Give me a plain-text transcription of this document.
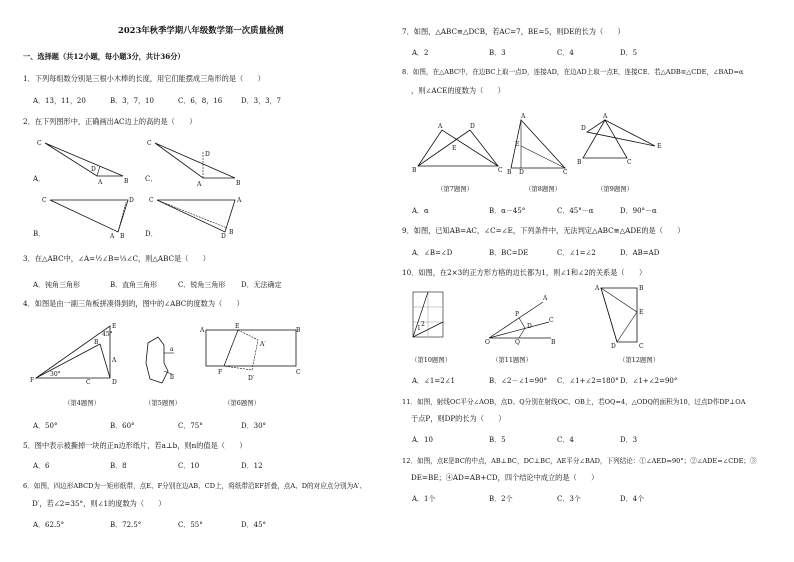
2023年秋季学期八年级数学第一次质量检测
一、选择题（共12小题，每小题3分，共计36分）
1．下列每组数分别是三根小木棒的长度，用它们能摆成三角形的是（　　）
A．13，11，20	B．3，7，10	C．6，8，16	D．3，3，7
2．在下列图形中，正确画出AC边上的高的是（　　）
C
D
A	B
A．
C
D
A	B
C．
C	D
A B
B．
C	A
D
B
D．
3．在△ABC中，∠A=½∠B=⅓∠C，则△ABC是（　　）
A．钝角三角形	B．直角三角形	C．锐角三角形 D．无法确定
4．如图是由一副三角板拼凑得到的，图中的∠ABC的度数为（　　）
E
B
45°
30°
F	C	D
A
（第4题图）
a
b
（第5题图）
A
E
B
F	C
A′
D′
（第6题图）
A．50°	B．60°	C．75°	D．30°
5．图中表示被撕掉一块的正n边形纸片，若a⊥b，则n的值是（　　）
A．6	B．8	C．10	D．12
6．如图，四边形ABCD为一矩形纸带，点E、F分别在边AB、CD上，将纸带沿EF折叠，点A、D的对应点分别为A′、
D′，若∠2=35°，则∠1的度数为（　　）
A．62.5°	B．72.5°	C．55°	D．45°
7．如图，△ABC≌△DCB，若AC=7，BE=5，则DE的长为（　　）
A．2	B．3	C．4	D．5
8．如图，在△ABC中，在边BC上取一点D，连接AD，在边AD上取一点E，连接CE．若△ADB≌△CDE，∠BAD=α
，则∠ACE的度数为（　　）
A	D
E
B	C
（第7题图）
A
E
B D	C
（第8题图）
A
D
E
B	C
（第9题图）
A．α	B．α－45°	C．45°－α	D．90°－α
9．如图，已知AB=AC，∠C=∠E，下列条件中，无法判定△ABC≌△ADE的是（　　）
A．∠B=∠D	B．BC=DE	C．∠1=∠2	D．AB=AD
10．如图，在2×3的正方形方格的边长都为1，则∠1和∠2的关系是（　　）
1
2
（第10题图）
A
C
B
O
P
D
Q
（第11题图）
A	B
E
D	C
（第12题图）
A．∠1=2∠1	B．∠2－∠1=90° C．∠1+∠2=180° D．∠1+∠2=90°
11．如图，射线OC平分∠AOB，点D、Q分别在射线OC、OB上，若OQ=4，△ODQ的面积为10，过点D作DP⊥OA
于点P，则DP的长为（　　）
A．10	B．5	C．4	D．3
12．如图，点E是BC的中点，AB⊥BC，DC⊥BC，AE平分∠BAD，下列结论：①∠AED=90°；②∠ADE=∠CDE；③
DE=BE；④AD=AB+CD，四个结论中成立的是（　　）
A．1个	B．2个	C．3个	D．4个
